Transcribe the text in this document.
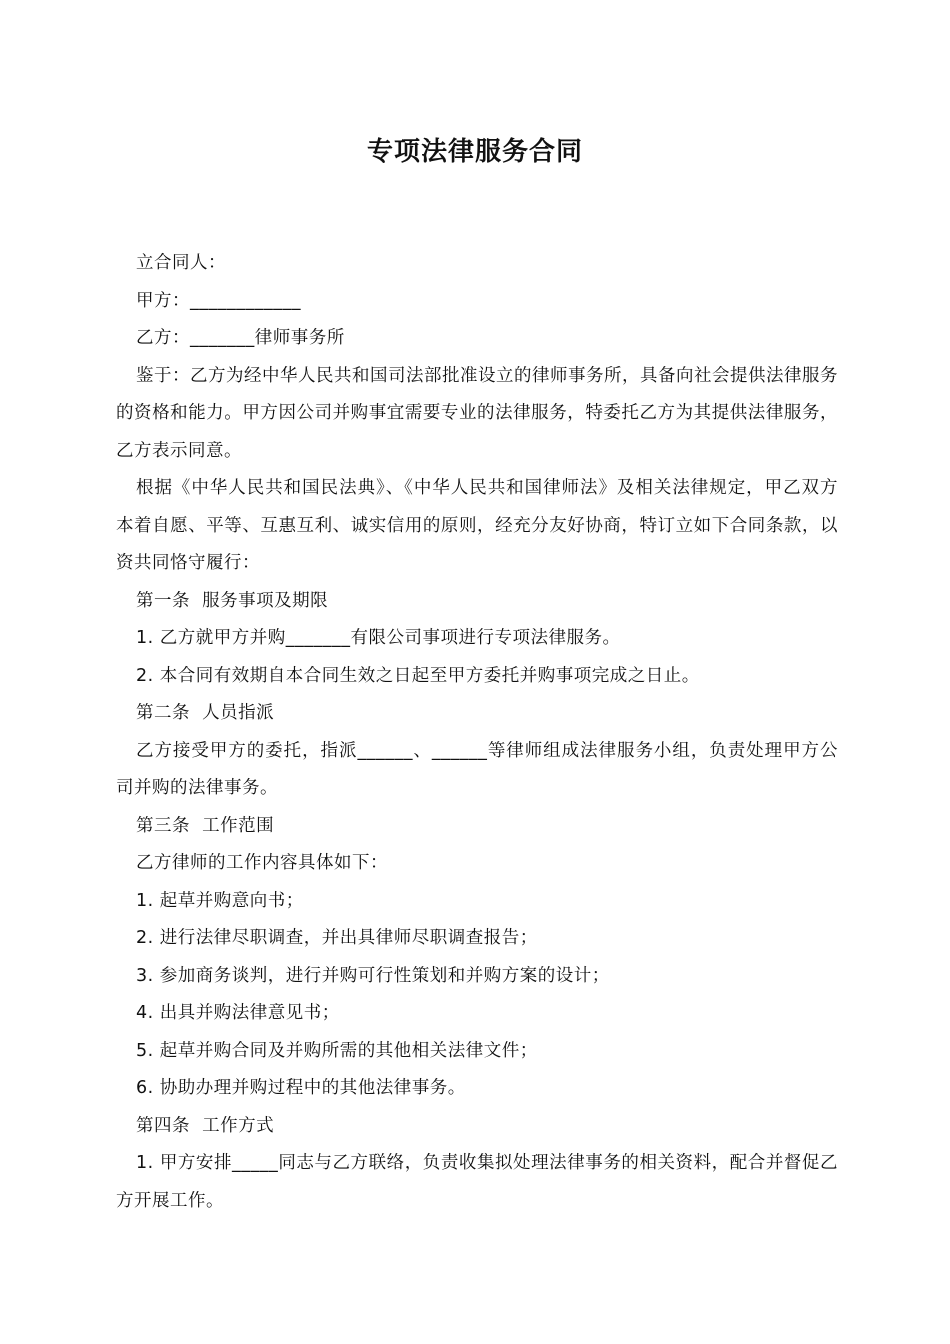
专项法律服务合同

立合同人：

甲方：____________

乙方：_______律师事务所

鉴于：乙方为经中华人民共和国司法部批准设立的律师事务所，具备向社会提供法律服务的资格和能力。甲方因公司并购事宜需要专业的法律服务，特委托乙方为其提供法律服务，乙方表示同意。

根据《中华人民共和国民法典》、《中华人民共和国律师法》及相关法律规定，甲乙双方本着自愿、平等、互惠互利、诚实信用的原则，经充分友好协商，特订立如下合同条款，以资共同恪守履行：

第一条  服务事项及期限

1. 乙方就甲方并购_______有限公司事项进行专项法律服务。

2. 本合同有效期自本合同生效之日起至甲方委托并购事项完成之日止。

第二条  人员指派

乙方接受甲方的委托，指派______、______等律师组成法律服务小组，负责处理甲方公司并购的法律事务。

第三条  工作范围

乙方律师的工作内容具体如下：

1. 起草并购意向书；

2. 进行法律尽职调查，并出具律师尽职调查报告；

3. 参加商务谈判，进行并购可行性策划和并购方案的设计；

4. 出具并购法律意见书；

5. 起草并购合同及并购所需的其他相关法律文件；

6. 协助办理并购过程中的其他法律事务。

第四条  工作方式

1. 甲方安排_____同志与乙方联络，负责收集拟处理法律事务的相关资料，配合并督促乙方开展工作。
